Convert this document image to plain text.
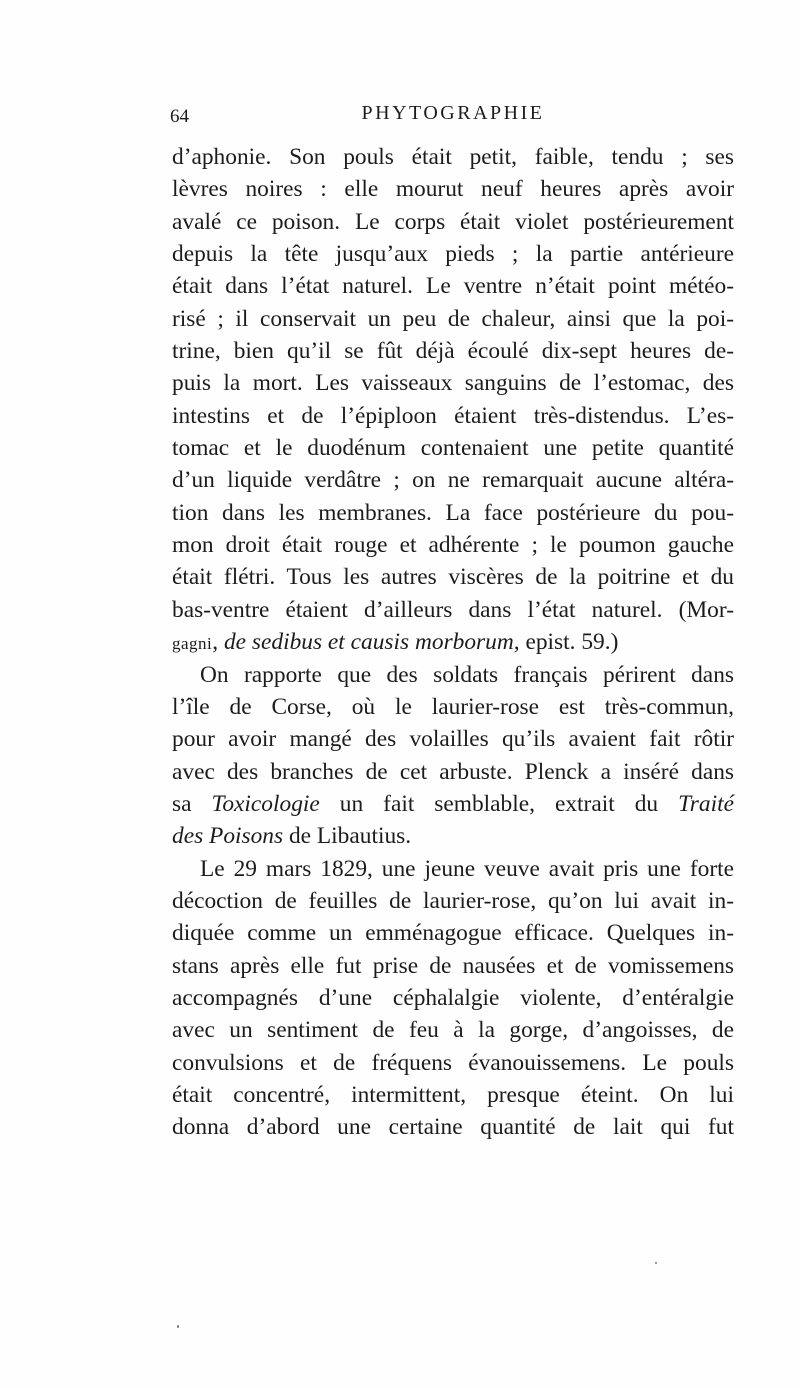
64	PHYTOGRAPHIE
d’aphonie. Son pouls était petit, faible, tendu ; ses
lèvres noires : elle mourut neuf heures après avoir
avalé ce poison. Le corps était violet postérieurement
depuis la tête jusqu’aux pieds ; la partie antérieure
était dans l’état naturel. Le ventre n’était point météo-
risé ; il conservait un peu de chaleur, ainsi que la poi-
trine, bien qu’il se fût déjà écoulé dix-sept heures de-
puis la mort. Les vaisseaux sanguins de l’estomac, des
intestins et de l’épiploon étaient très-distendus. L’es-
tomac et le duodénum contenaient une petite quantité
d’un liquide verdâtre ; on ne remarquait aucune altéra-
tion dans les membranes. La face postérieure du pou-
mon droit était rouge et adhérente ; le poumon gauche
était flétri. Tous les autres viscères de la poitrine et du
bas-ventre étaient d’ailleurs dans l’état naturel. (Mor-
gagni, de sedibus et causis morborum, epist. 59.)
On rapporte que des soldats français périrent dans
l’île de Corse, où le laurier-rose est très-commun,
pour avoir mangé des volailles qu’ils avaient fait rôtir
avec des branches de cet arbuste. Plenck a inséré dans
sa Toxicologie un fait semblable, extrait du Traité
des Poisons de Libautius.
Le 29 mars 1829, une jeune veuve avait pris une forte
décoction de feuilles de laurier-rose, qu’on lui avait in-
diquée comme un emménagogue efficace. Quelques in-
stans après elle fut prise de nausées et de vomissemens
accompagnés d’une céphalalgie violente, d’entéralgie
avec un sentiment de feu à la gorge, d’angoisses, de
convulsions et de fréquens évanouissemens. Le pouls
était concentré, intermittent, presque éteint. On lui
donna d’abord une certaine quantité de lait qui fut
